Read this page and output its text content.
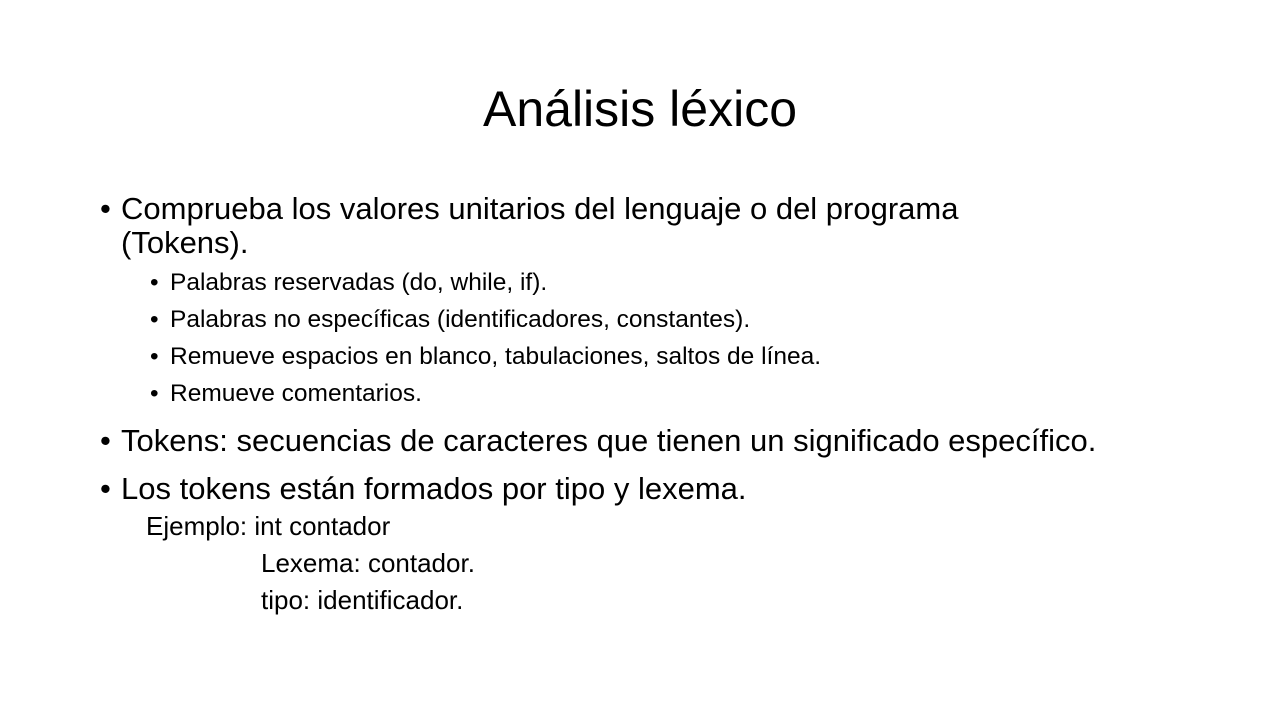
Análisis léxico
• Comprueba los valores unitarios del lenguaje o del programa (Tokens).
• Palabras reservadas (do, while, if).
• Palabras no específicas (identificadores, constantes).
• Remueve espacios en blanco, tabulaciones, saltos de línea.
• Remueve comentarios.
• Tokens: secuencias de caracteres que tienen un significado específico.
• Los tokens están formados por tipo y lexema.
Ejemplo: int contador
Lexema: contador.
tipo: identificador.
